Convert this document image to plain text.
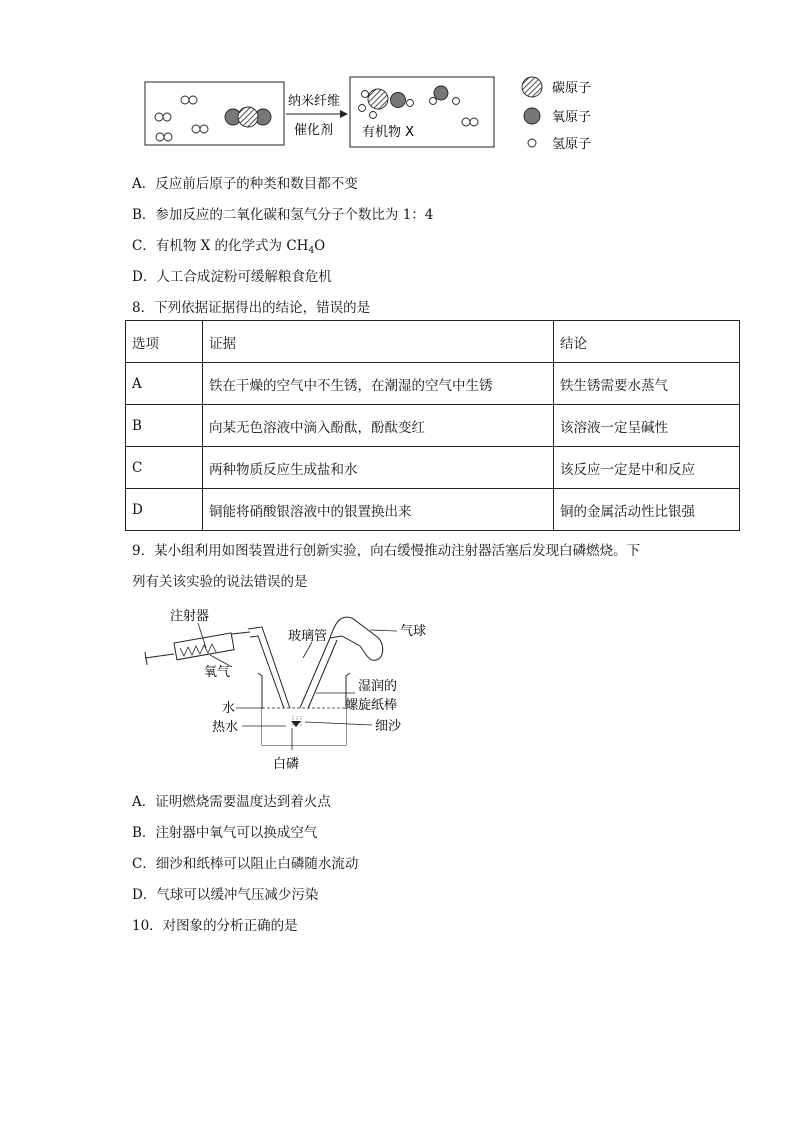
纳米纤维
催化剂 有机物 X
碳原子
氧原子
氢原子
A．反应前后原子的种类和数目都不变
B．参加反应的二氧化碳和氢气分子个数比为 1：4
C．有机物 X 的化学式为 $CH_4O$
D．人工合成淀粉可缓解粮食危机
8．下列依据证据得出的结论，错误的是
选项	证据	结论
A	铁在干燥的空气中不生锈，在潮湿的空气中生锈	铁生锈需要水蒸气
B	向某无色溶液中滴入酚酞，酚酞变红	该溶液一定呈碱性
C	两种物质反应生成盐和水	该反应一定是中和反应
D	铜能将硝酸银溶液中的银置换出来	铜的金属活动性比银强
9．某小组利用如图装置进行创新实验，向右缓慢推动注射器活塞后发现白磷燃烧。下
列有关该实验的说法错误的是
注射器
玻璃管	气球
氧气
湿润的
螺旋纸棒
水
热水	细沙
白磷
A．证明燃烧需要温度达到着火点
B．注射器中氧气可以换成空气
C．细沙和纸棒可以阻止白磷随水流动
D．气球可以缓冲气压减少污染
10．对图象的分析正确的是
